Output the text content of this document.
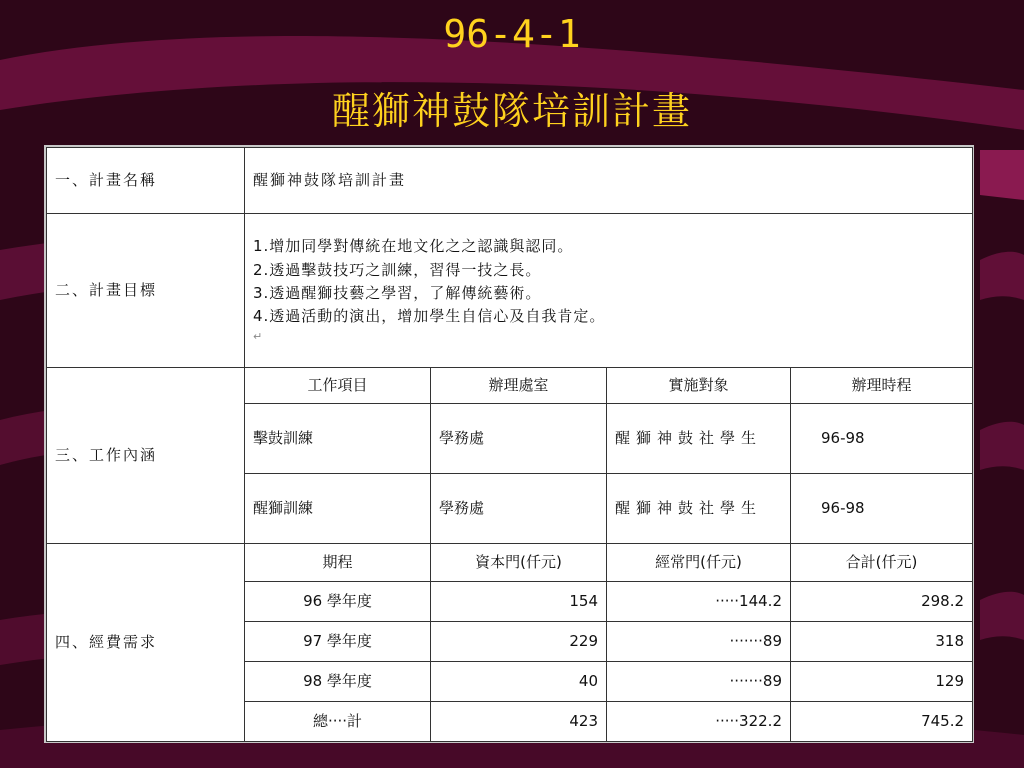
96-4-1
醒獅神鼓隊培訓計畫
一、計畫名稱	醒獅神鼓隊培訓計畫			
二、計畫目標	1.增加同學對傳統在地文化之之認識與認同。
2.透過擊鼓技巧之訓練，習得一技之長。
3.透過醒獅技藝之學習，了解傳統藝術。
4.透過活動的演出，增加學生自信心及自我肯定。
↵			

三、工作內涵	工作項目	辦理處室	實施對象	辦理時程
	擊鼓訓練	學務處	醒獅神鼓社學生	96-98
	醒獅訓練	學務處	醒獅神鼓社學生	96-98
四、經費需求	期程	資本門(仟元)	經常門(仟元)	合計(仟元)
	96 學年度	154	‧‧‧‧‧144.2	298.2
	97 學年度	229	‧‧‧‧‧‧‧89	318
	98 學年度	40	‧‧‧‧‧‧‧89	129
	總‧‧‧‧計	423	‧‧‧‧‧322.2	745.2
